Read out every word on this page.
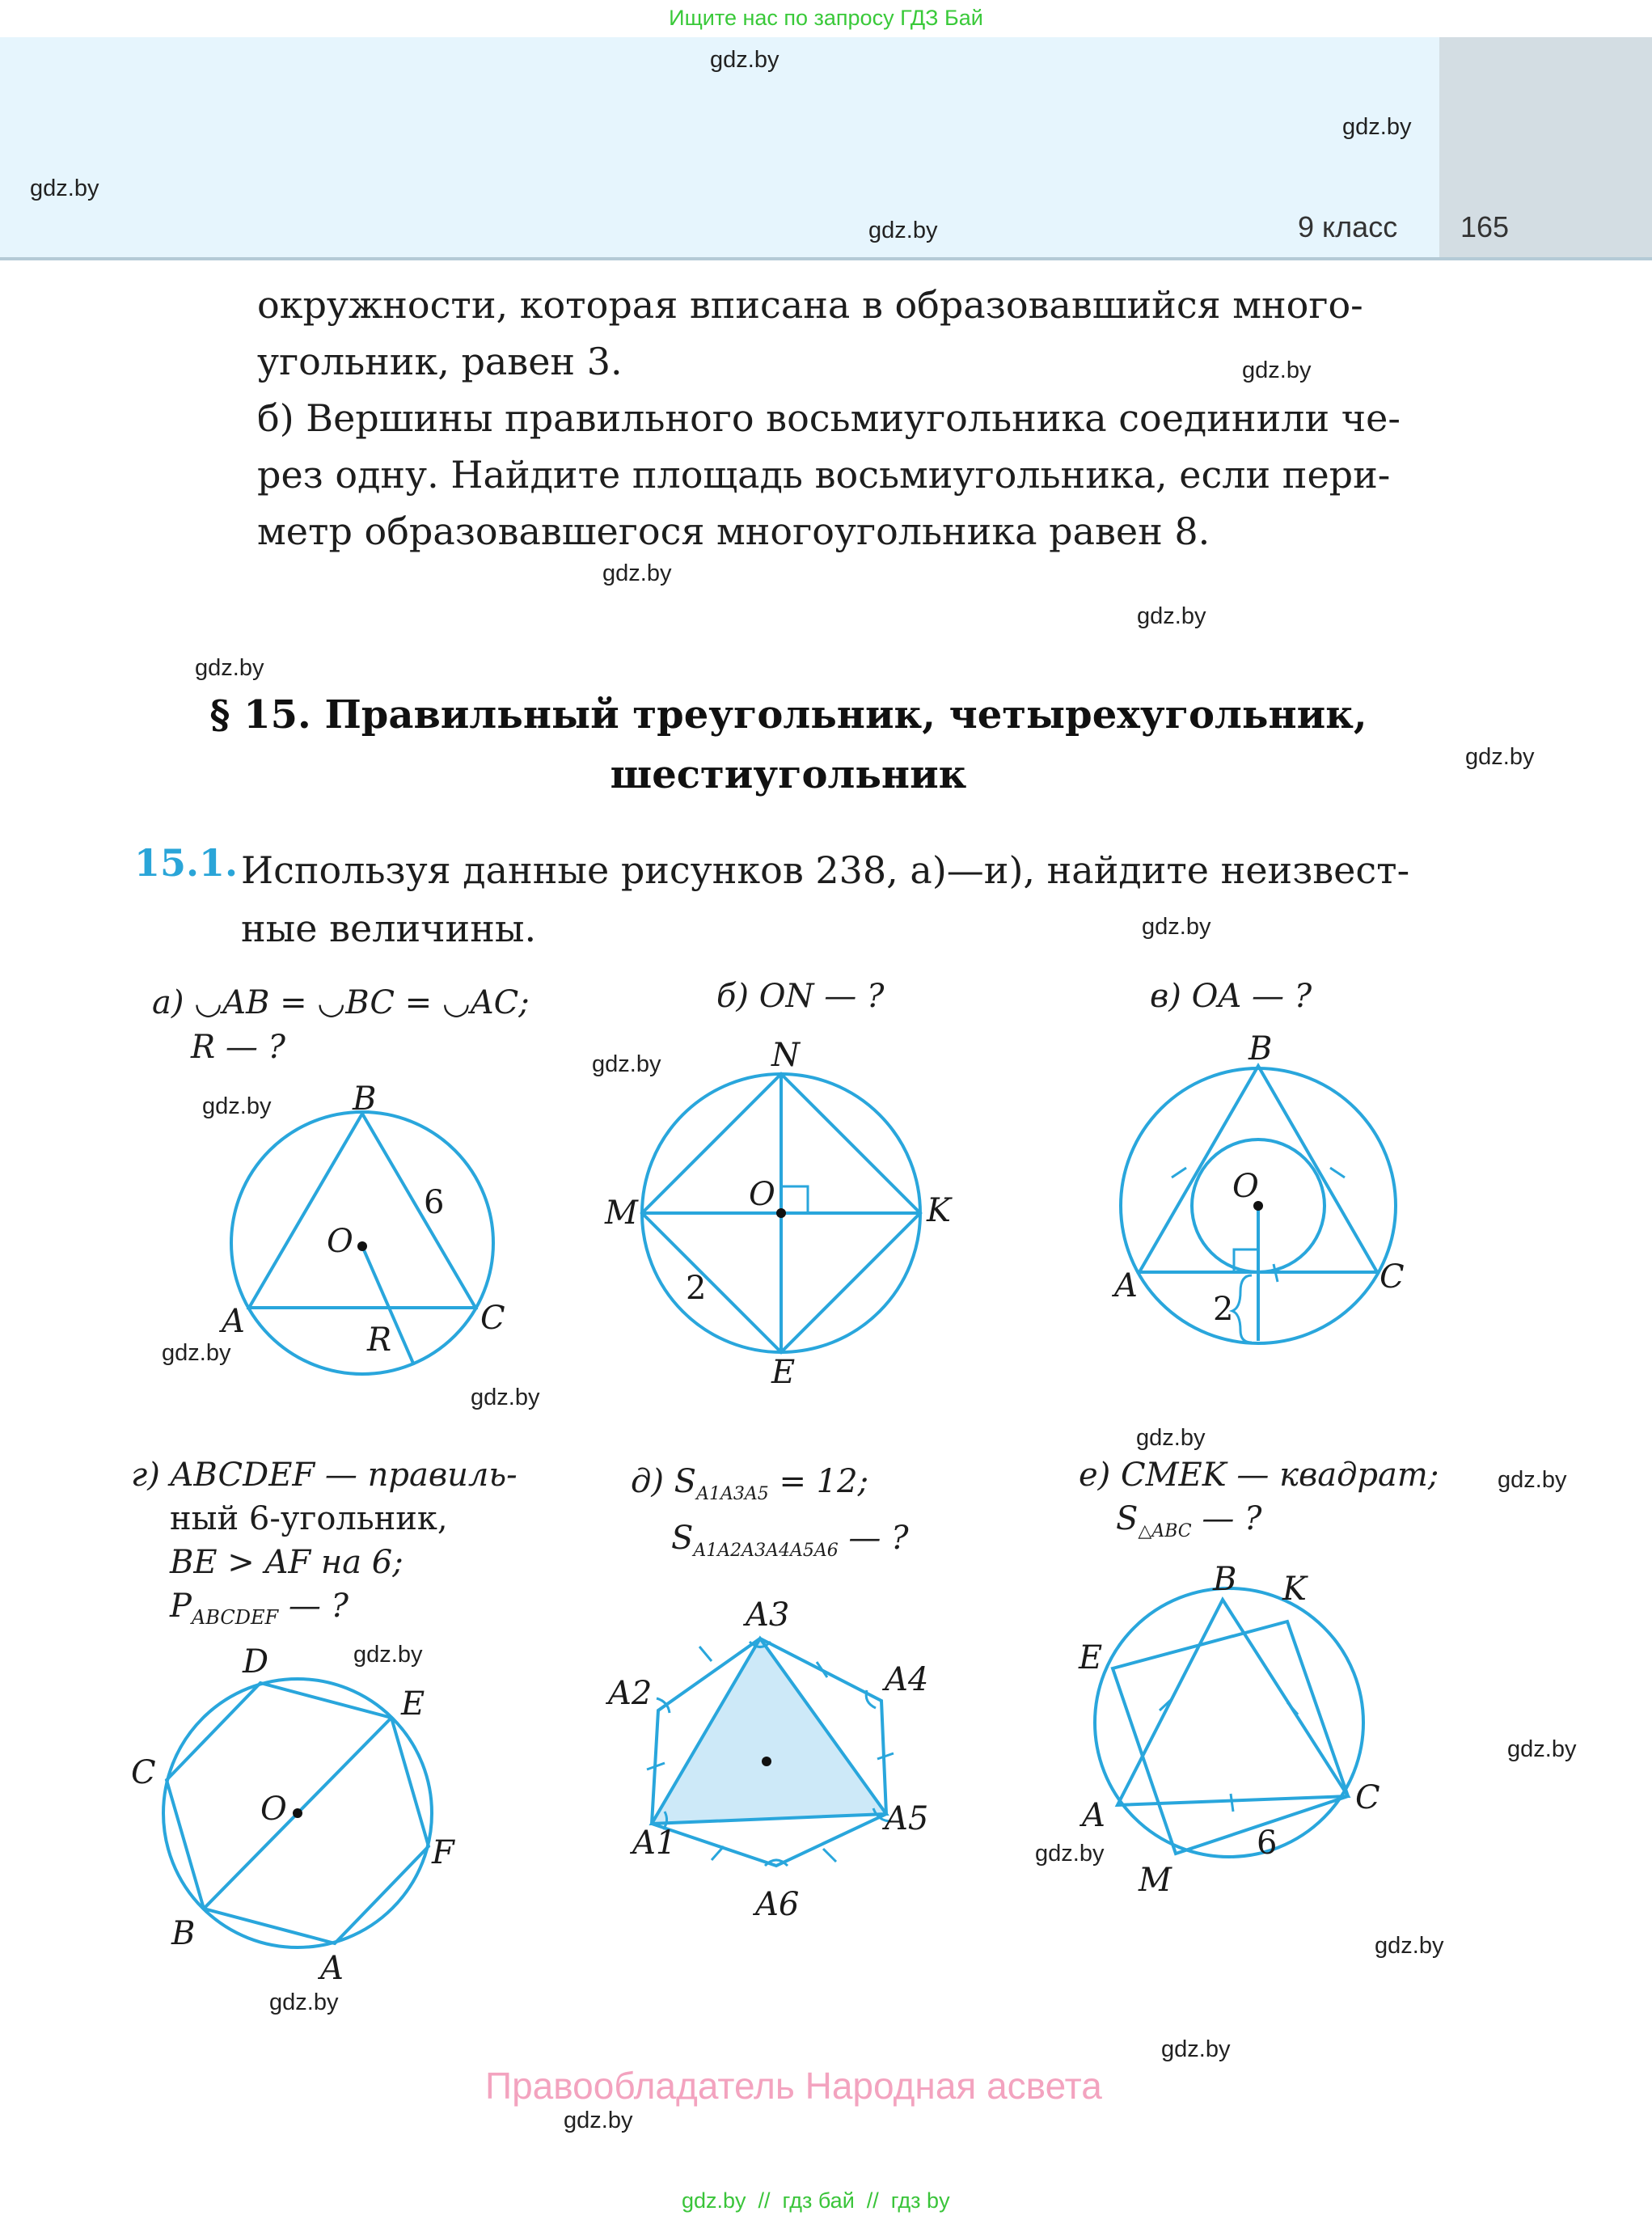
Ищите нас по запросу ГДЗ Бай
9 класс 165
gdz.by
gdz.by
gdz.by
gdz.by
gdz.by
gdz.by
gdz.by
gdz.by
gdz.by
gdz.by
gdz.by
gdz.by
gdz.by
gdz.by
gdz.by
gdz.by
gdz.by
gdz.by
gdz.by
gdz.by
gdz.by
gdz.by
gdz.by
окружности, которая вписана в образовавшийся много-
угольник, равен 3.
б) Вершины правильного восьмиугольника соединили че-
рез одну. Найдите площадь восьмиугольника, если пери-
метр образовавшегося многоугольника равен 8.
§ 15. Правильный треугольник, четырехугольник,
шестиугольник
15.1. Используя данные рисунков 238, а)—и), найдите неизвест-
ные величины.
а) ◡AB = ◡BC = ◡AC;
R — ?
б) ON — ?	в) OA — ?
г) ABCDEF — правиль-
ный 6-угольник,
BE > AF на 6;
$P_{ABCDEF}$ — ?
д) $S_{A1A3A5} = 12$;
$S_{A1A2A3A4A5A6}$ — ?
е) CMEK — квадрат;
$S_{\triangle ABC}$ — ?
B
A	C
O
R
6
N
M	K
E
O
2
B
A	C
O
2
D
E
C
F
B
A
O
A3
A2	A4
A1
A5
A6
B K
E
A	C
M
6
Правообладатель Народная асвета
gdz.by  //  гдз бай  //  гдз by
